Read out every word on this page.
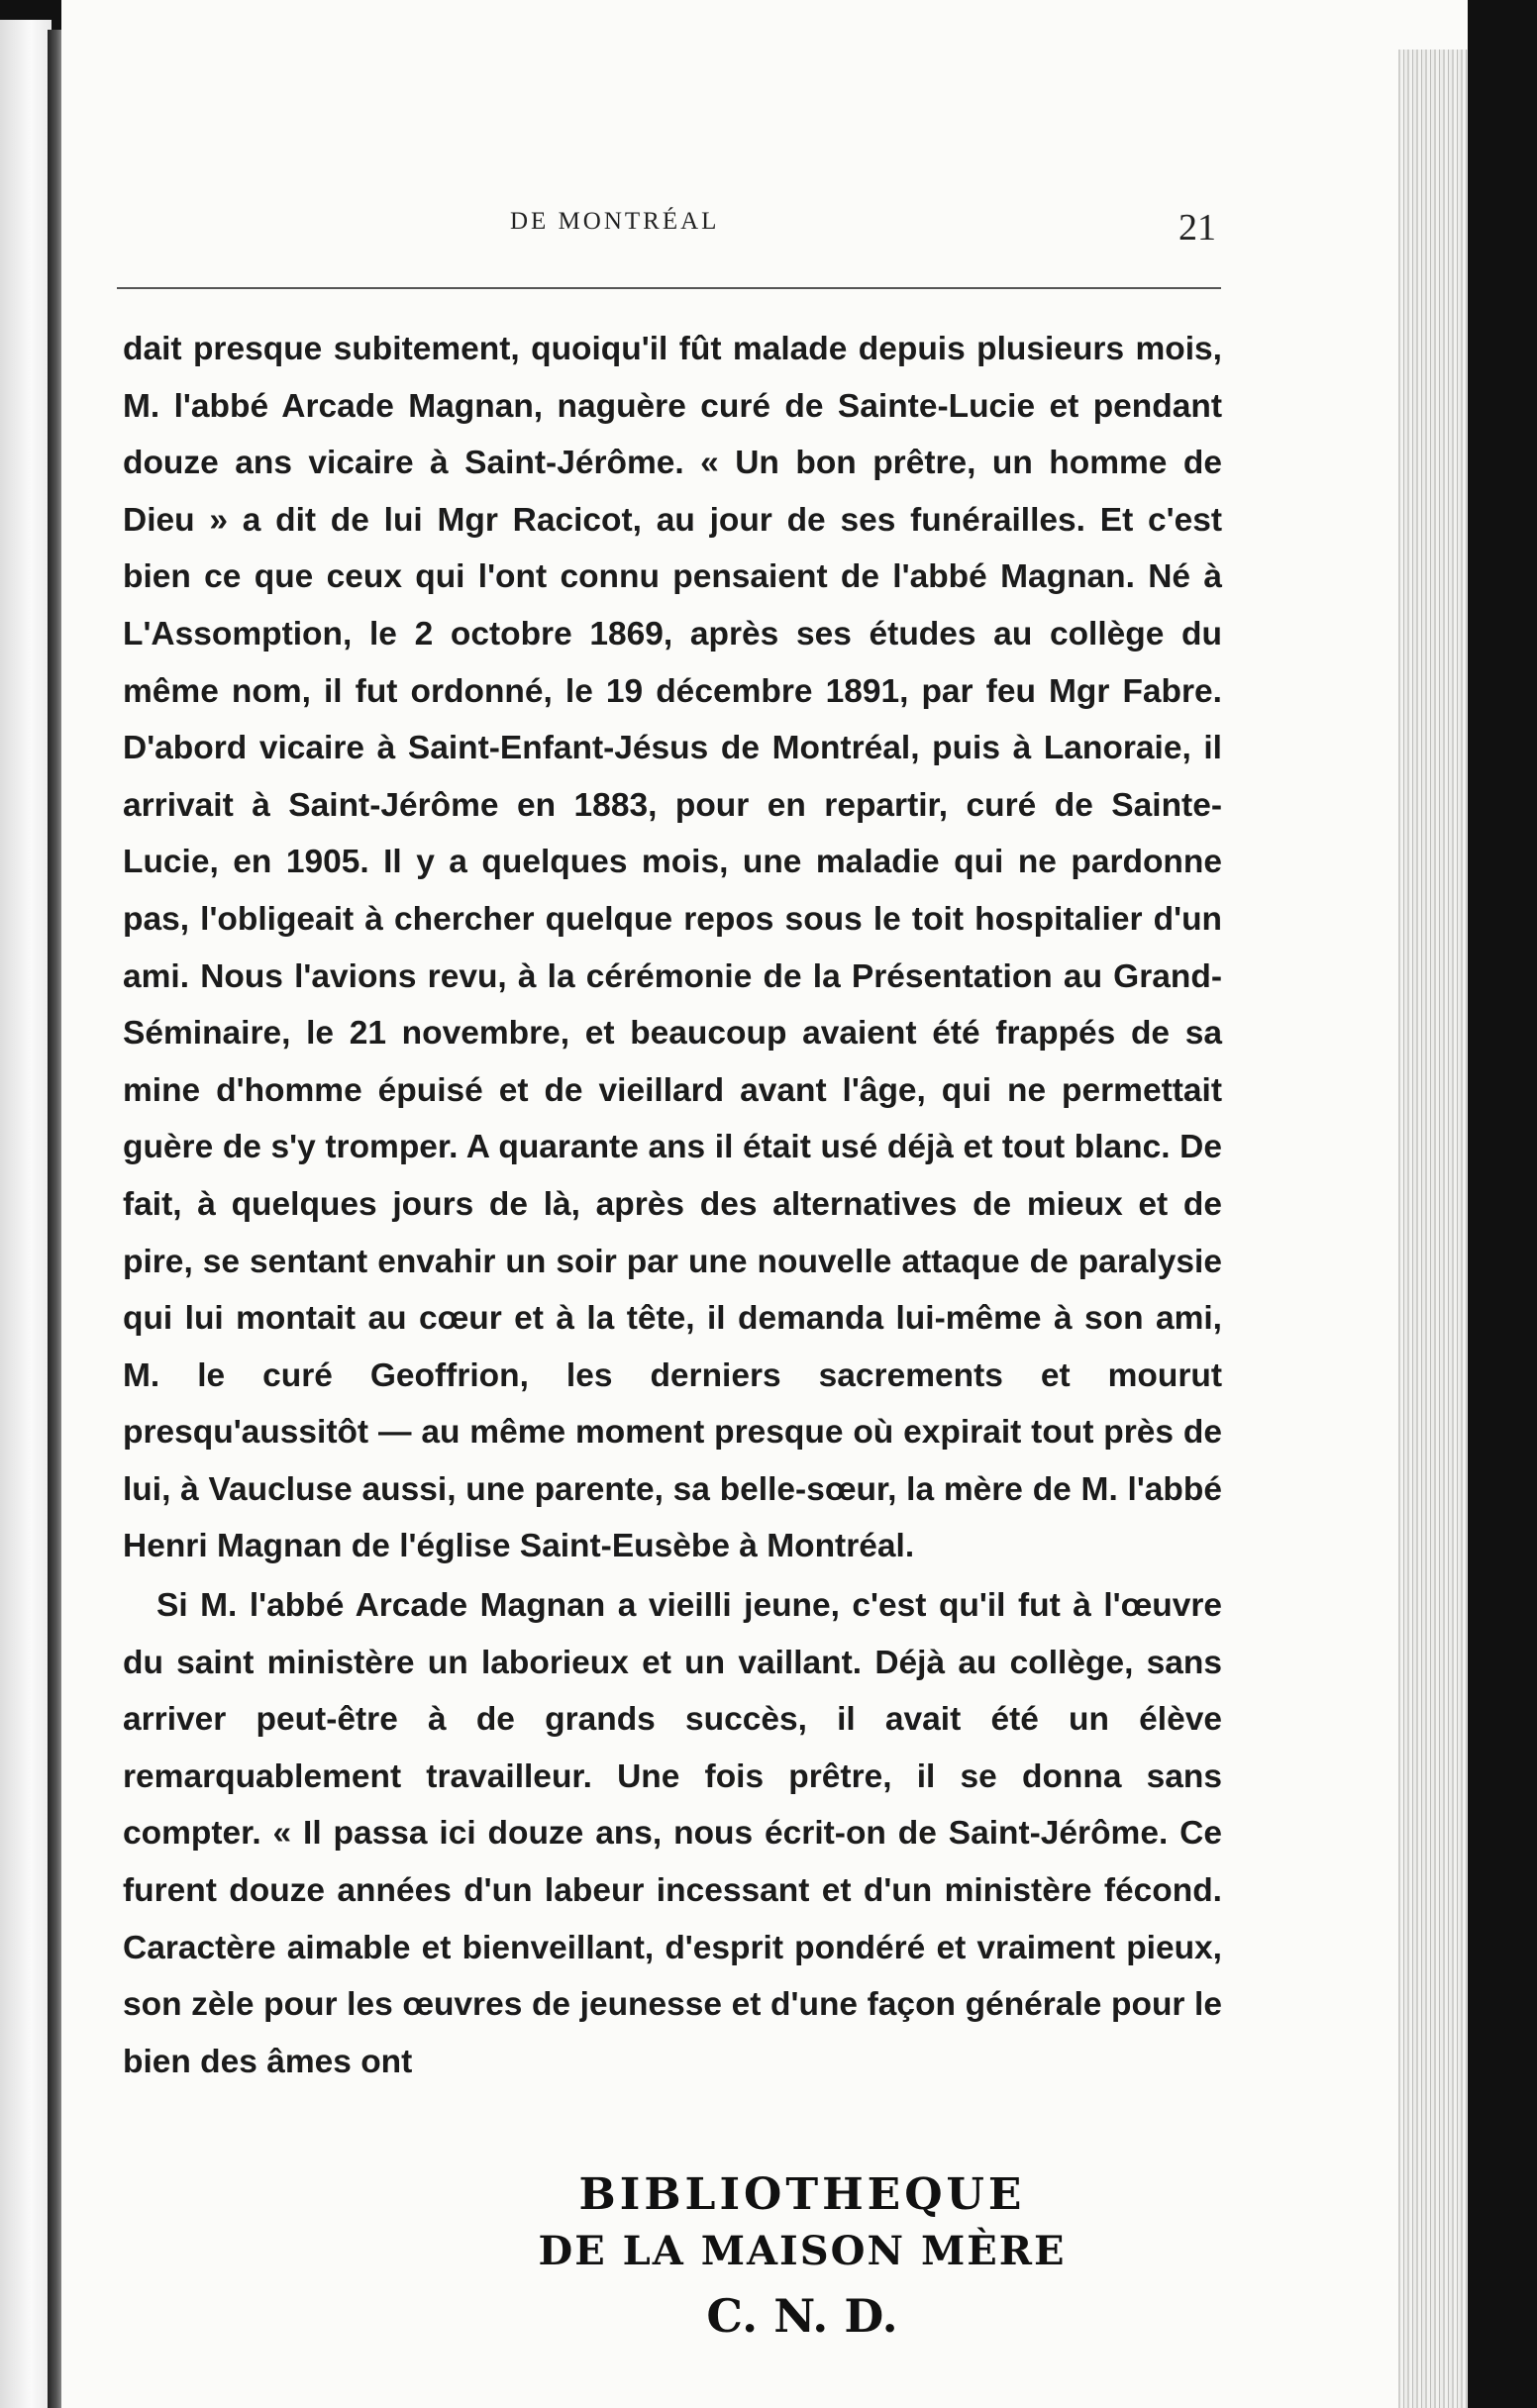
DE MONTRÉAL	21

dait presque subitement, quoiqu'il fût malade depuis plusieurs mois, M. l'abbé Arcade Magnan, naguère curé de Sainte-Lucie et pendant douze ans vicaire à Saint-Jérôme. « Un bon prêtre, un homme de Dieu » a dit de lui Mgr Racicot, au jour de ses funérailles. Et c'est bien ce que ceux qui l'ont connu pensaient de l'abbé Magnan. Né à L'Assomption, le 2 octobre 1869, après ses études au collège du même nom, il fut ordonné, le 19 décembre 1891, par feu Mgr Fabre. D'abord vicaire à Saint-Enfant-Jésus de Montréal, puis à Lanoraie, il arrivait à Saint-Jérôme en 1883, pour en repartir, curé de Sainte-Lucie, en 1905. Il y a quelques mois, une maladie qui ne pardonne pas, l'obligeait à chercher quelque repos sous le toit hospitalier d'un ami. Nous l'avions revu, à la cérémonie de la Présentation au Grand-Séminaire, le 21 novembre, et beaucoup avaient été frappés de sa mine d'homme épuisé et de vieillard avant l'âge, qui ne permettait guère de s'y tromper. A quarante ans il était usé déjà et tout blanc. De fait, à quelques jours de là, après des alternatives de mieux et de pire, se sentant envahir un soir par une nouvelle attaque de paralysie qui lui montait au cœur et à la tête, il demanda lui-même à son ami, M. le curé Geoffrion, les derniers sacrements et mourut presqu'aussitôt — au même moment presque où expirait tout près de lui, à Vaucluse aussi, une parente, sa belle-sœur, la mère de M. l'abbé Henri Magnan de l'église Saint-Eusèbe à Montréal.

Si M. l'abbé Arcade Magnan a vieilli jeune, c'est qu'il fut à l'œuvre du saint ministère un laborieux et un vaillant. Déjà au collège, sans arriver peut-être à de grands succès, il avait été un élève remarquablement travailleur. Une fois prêtre, il se donna sans compter. « Il passa ici douze ans, nous écrit-on de Saint-Jérôme. Ce furent douze années d'un labeur incessant et d'un ministère fécond. Caractère aimable et bienveillant, d'esprit pondéré et vraiment pieux, son zèle pour les œuvres de jeunesse et d'une façon générale pour le bien des âmes ont

BIBLIOTHEQUE
DE LA MAISON MÈRE
C. N. D.
